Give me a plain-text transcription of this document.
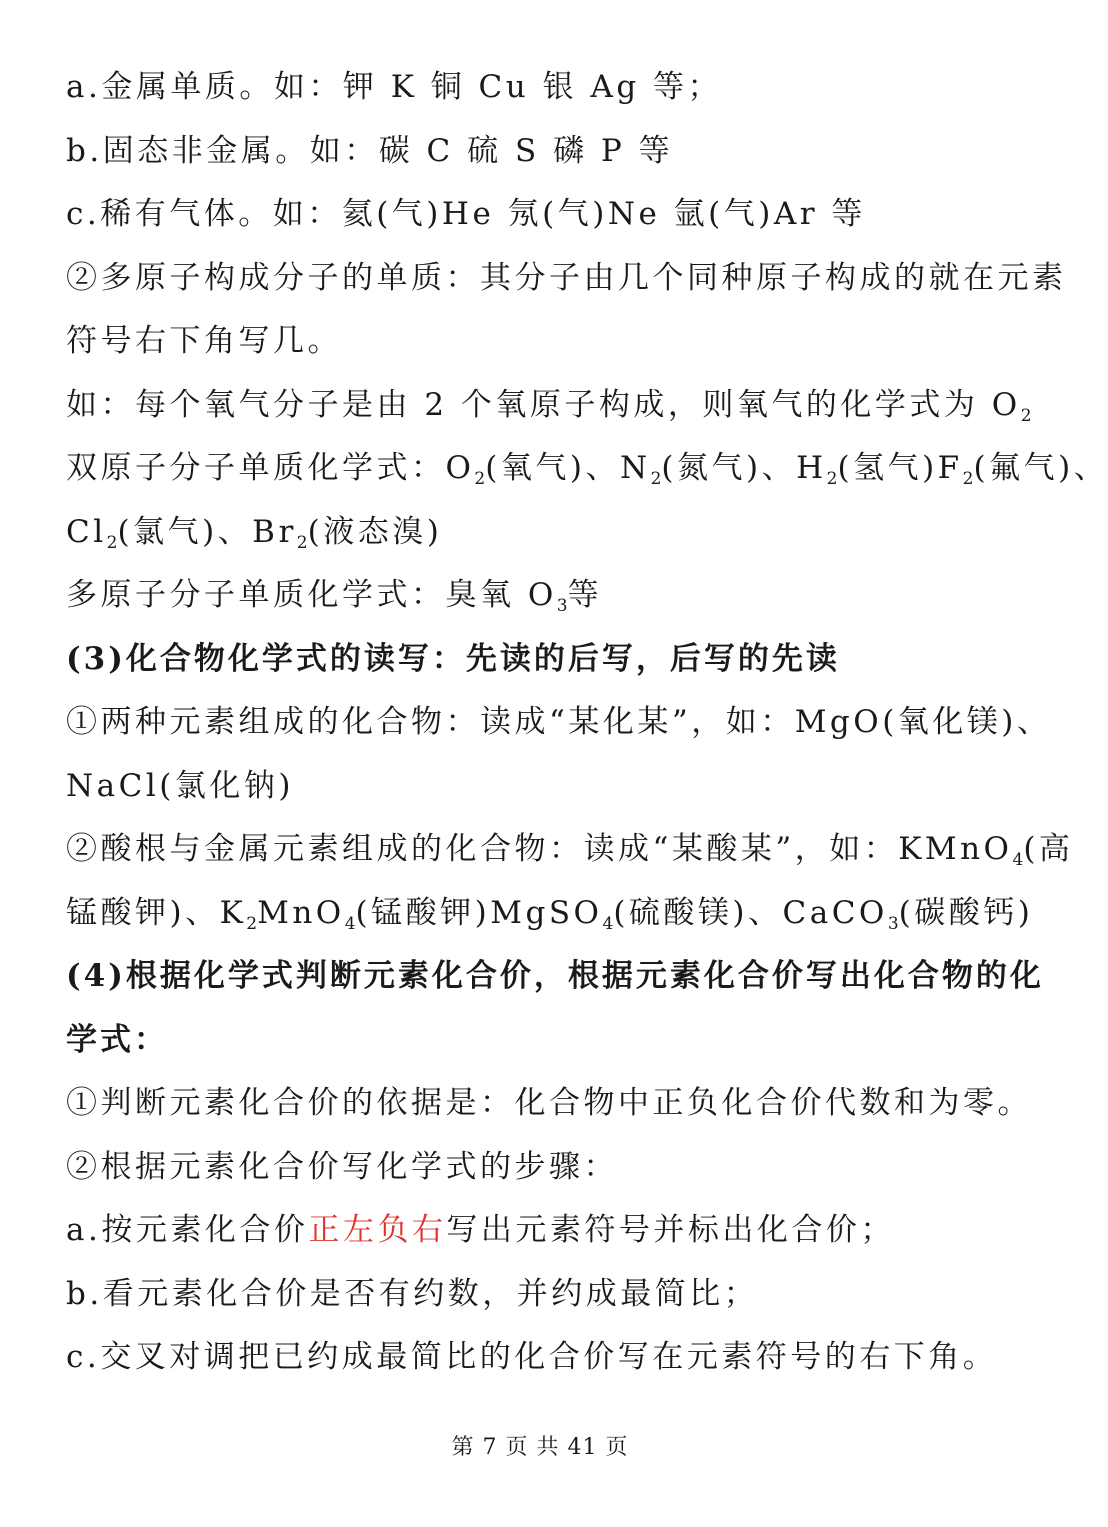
a.金属单质。如：钾 K 铜 Cu 银 Ag 等；
b.固态非金属。如：碳 C 硫 S 磷 P 等
c.稀有气体。如：氦(气)He 氖(气)Ne 氩(气)Ar 等
②多原子构成分子的单质：其分子由几个同种原子构成的就在元素
符号右下角写几。
如：每个氧气分子是由 2 个氧原子构成，则氧气的化学式为 $O_2$
双原子分子单质化学式：$O_2$(氧气)、$N_2$(氮气)、$H_2$(氢气)$F_2$(氟气)、
$Cl_2$(氯气)、$Br_2$(液态溴)
多原子分子单质化学式：臭氧 $O_3$等
(3)化合物化学式的读写：先读的后写，后写的先读
①两种元素组成的化合物：读成“某化某”，如：MgO(氧化镁)、
NaCl(氯化钠)
②酸根与金属元素组成的化合物：读成“某酸某”，如：KMnO$_4$(高
锰酸钾)、$K_2MnO_4$(锰酸钾)MgSO$_4$(硫酸镁)、CaCO$_3$(碳酸钙)
(4)根据化学式判断元素化合价，根据元素化合价写出化合物的化
学式：
①判断元素化合价的依据是：化合物中正负化合价代数和为零。
②根据元素化合价写化学式的步骤：
a.按元素化合价正左负右写出元素符号并标出化合价；
b.看元素化合价是否有约数，并约成最简比；
c.交叉对调把已约成最简比的化合价写在元素符号的右下角。
第 7 页 共 41 页
